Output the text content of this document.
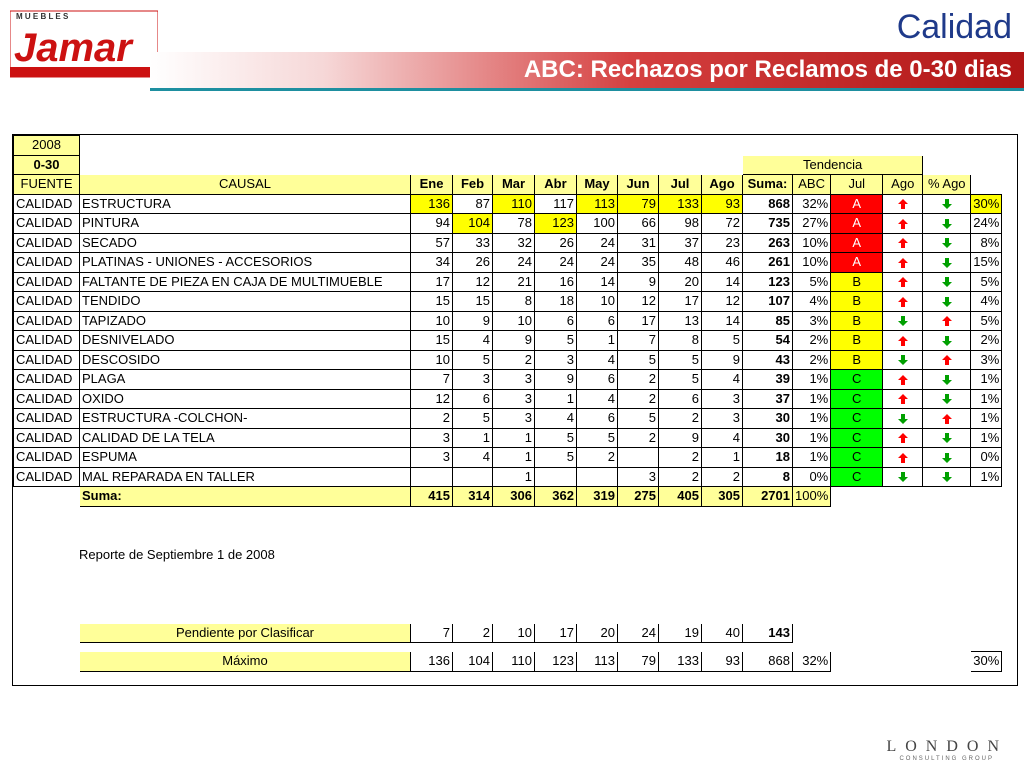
M U E B L E S
Jamar	Calidad
ABC: Rechazos por Reclamos de 0-30 dias
2008															
0-30										Tendencia					
FUENTE	CAUSAL	Ene	Feb	Mar	Abr	May	Jun	Jul	Ago	Suma:	ABC	Jul	Ago	% Ago	
CALIDAD	ESTRUCTURA	136	87	110	117	113	79	133	93	868	32%	A			30%
CALIDAD	PINTURA	94	104	78	123	100	66	98	72	735	27%	A			24%
CALIDAD	SECADO	57	33	32	26	24	31	37	23	263	10%	A			8%
CALIDAD	PLATINAS - UNIONES - ACCESORIOS	34	26	24	24	24	35	48	46	261	10%	A			15%
CALIDAD	FALTANTE DE PIEZA EN CAJA DE MULTIMUEBLE	17	12	21	16	14	9	20	14	123	5%	B			5%
CALIDAD	TENDIDO	15	15	8	18	10	12	17	12	107	4%	B			4%
CALIDAD	TAPIZADO	10	9	10	6	6	17	13	14	85	3%	B			5%
CALIDAD	DESNIVELADO	15	4	9	5	1	7	8	5	54	2%	B			2%
CALIDAD	DESCOSIDO	10	5	2	3	4	5	5	9	43	2%	B			3%
CALIDAD	PLAGA	7	3	3	9	6	2	5	4	39	1%	C			1%
CALIDAD	OXIDO	12	6	3	1	4	2	6	3	37	1%	C			1%
CALIDAD	ESTRUCTURA -COLCHON-	2	5	3	4	6	5	2	3	30	1%	C			1%
CALIDAD	CALIDAD DE LA TELA	3	1	1	5	5	2	9	4	30	1%	C			1%
CALIDAD	ESPUMA	3	4	1	5	2		2	1	18	1%	C			0%
CALIDAD	MAL REPARADA EN TALLER			1			3	2	2	8	0%	C			1%
	Suma:	415	314	306	362	319	275	405	305	2701	100%				

	Pendiente por Clasificar	7	2	10	17	20	24	19	40	143					

	Máximo	136	104	110	123	113	79	133	93	868	32%				30%
Reporte de Septiembre 1 de 2008
LONDON
CONSULTING GROUP
